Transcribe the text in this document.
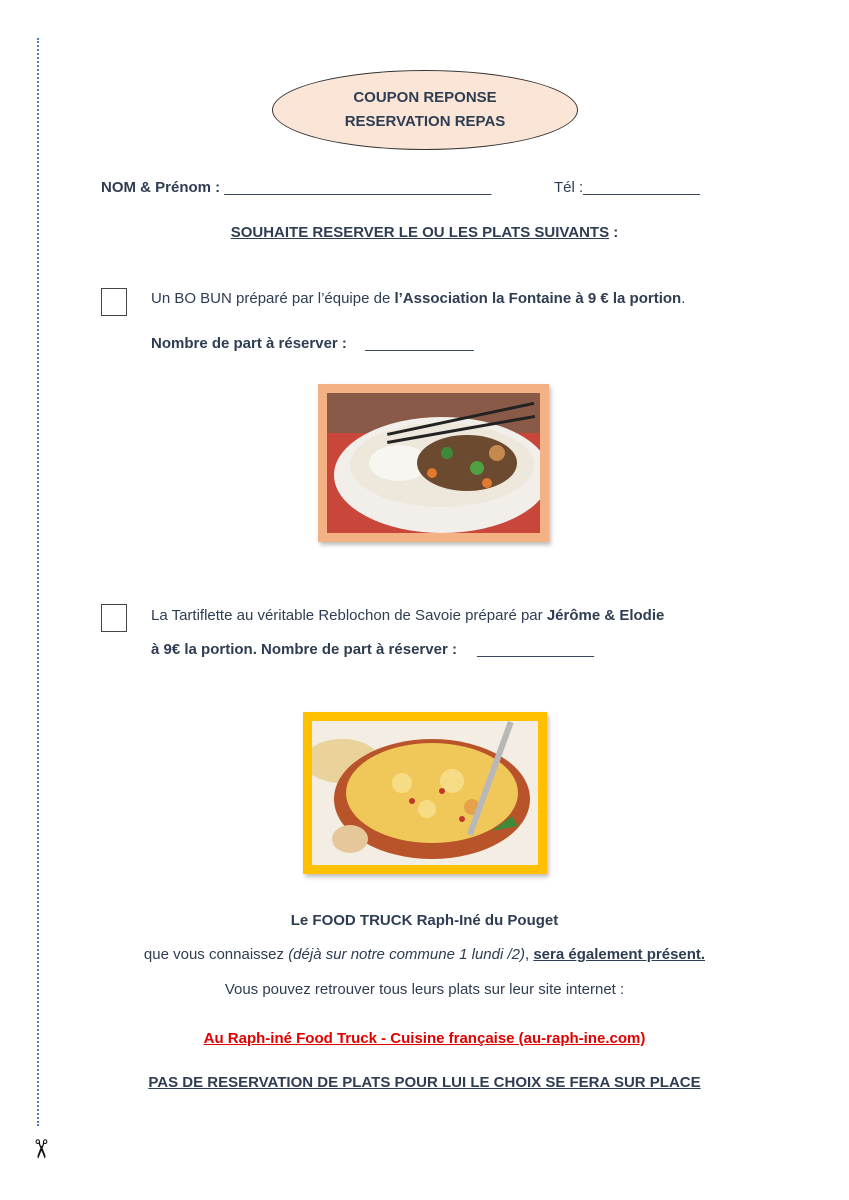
✂
COUPON REPONSE
RESERVATION REPAS
NOM & Prénom : ________________________________	Tél :______________
SOUHAITE RESERVER LE OU LES PLATS SUIVANTS :
Un BO BUN préparé par l’équipe de l’Association la Fontaine à 9 € la portion.
Nombre de part à réserver : _____________
La Tartiflette au véritable Reblochon de Savoie préparé par Jérôme & Elodie
à 9€ la portion. Nombre de part à réserver : ______________
Le FOOD TRUCK Raph-Iné du Pouget
que vous connaissez (déjà sur notre commune 1 lundi /2), sera également présent.
Vous pouvez retrouver tous leurs plats sur leur site internet :
Au Raph-iné Food Truck - Cuisine française (au-raph-ine.com)
PAS DE RESERVATION DE PLATS POUR LUI LE CHOIX SE FERA SUR PLACE
